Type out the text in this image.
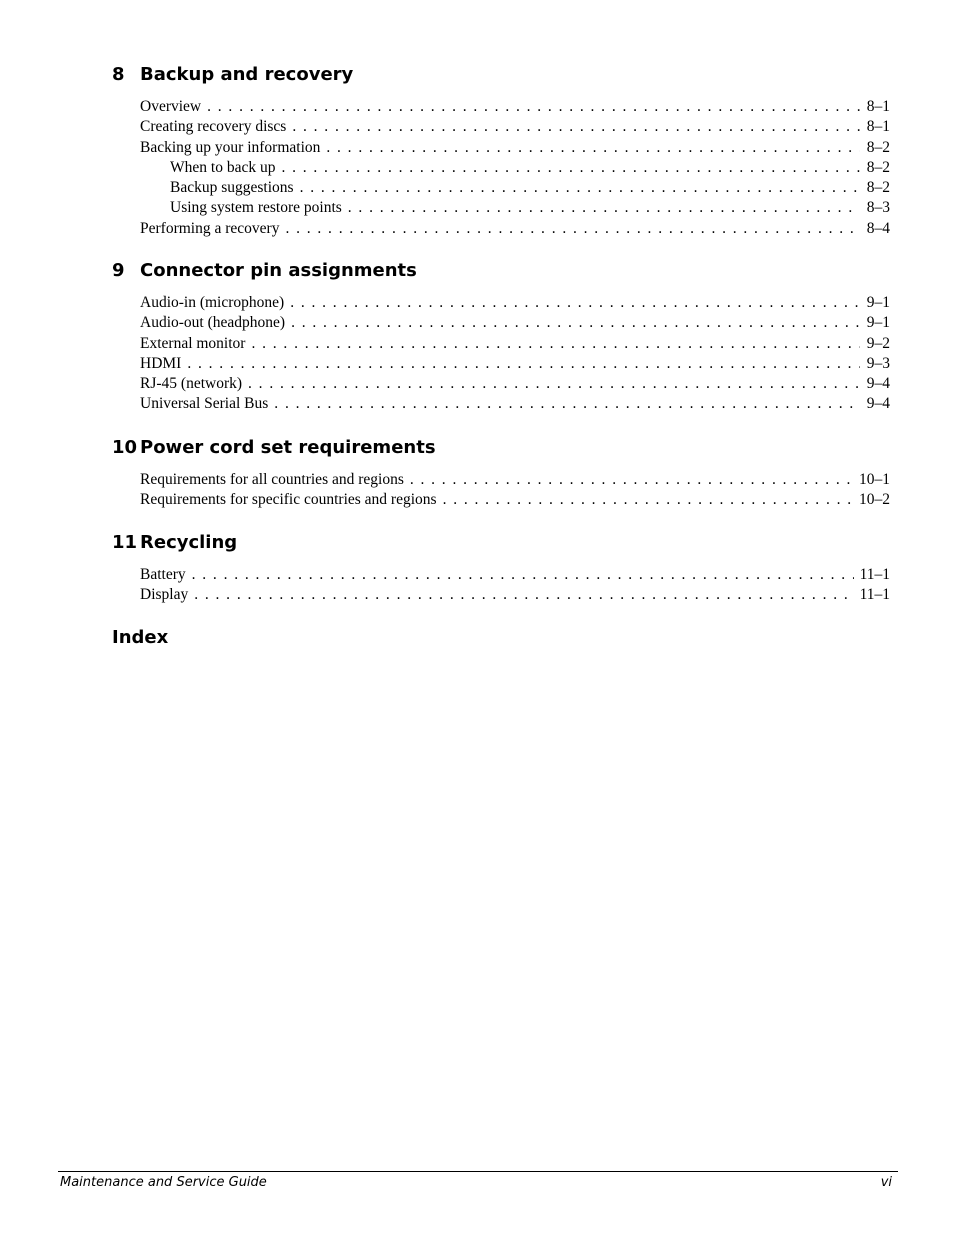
8 Backup and recovery
Overview . . .	8–1
Creating recovery discs . . .	8–1
Backing up your information . . .	8–2
When to back up . . .	8–2
Backup suggestions . . .	8–2
Using system restore points . . .	8–3
Performing a recovery . . .	8–4
9 Connector pin assignments
Audio-in (microphone) . . .	9–1
Audio-out (headphone) . . .	9–1
External monitor . . .	9–2
HDMI . . .	9–3
RJ-45 (network) . . .	9–4
Universal Serial Bus . . .	9–4
10 Power cord set requirements
Requirements for all countries and regions . . .	10–1
Requirements for specific countries and regions . . .	10–2
11 Recycling
Battery . . .	11–1
Display . . .	11–1
Index
Maintenance and Service Guide	vi
